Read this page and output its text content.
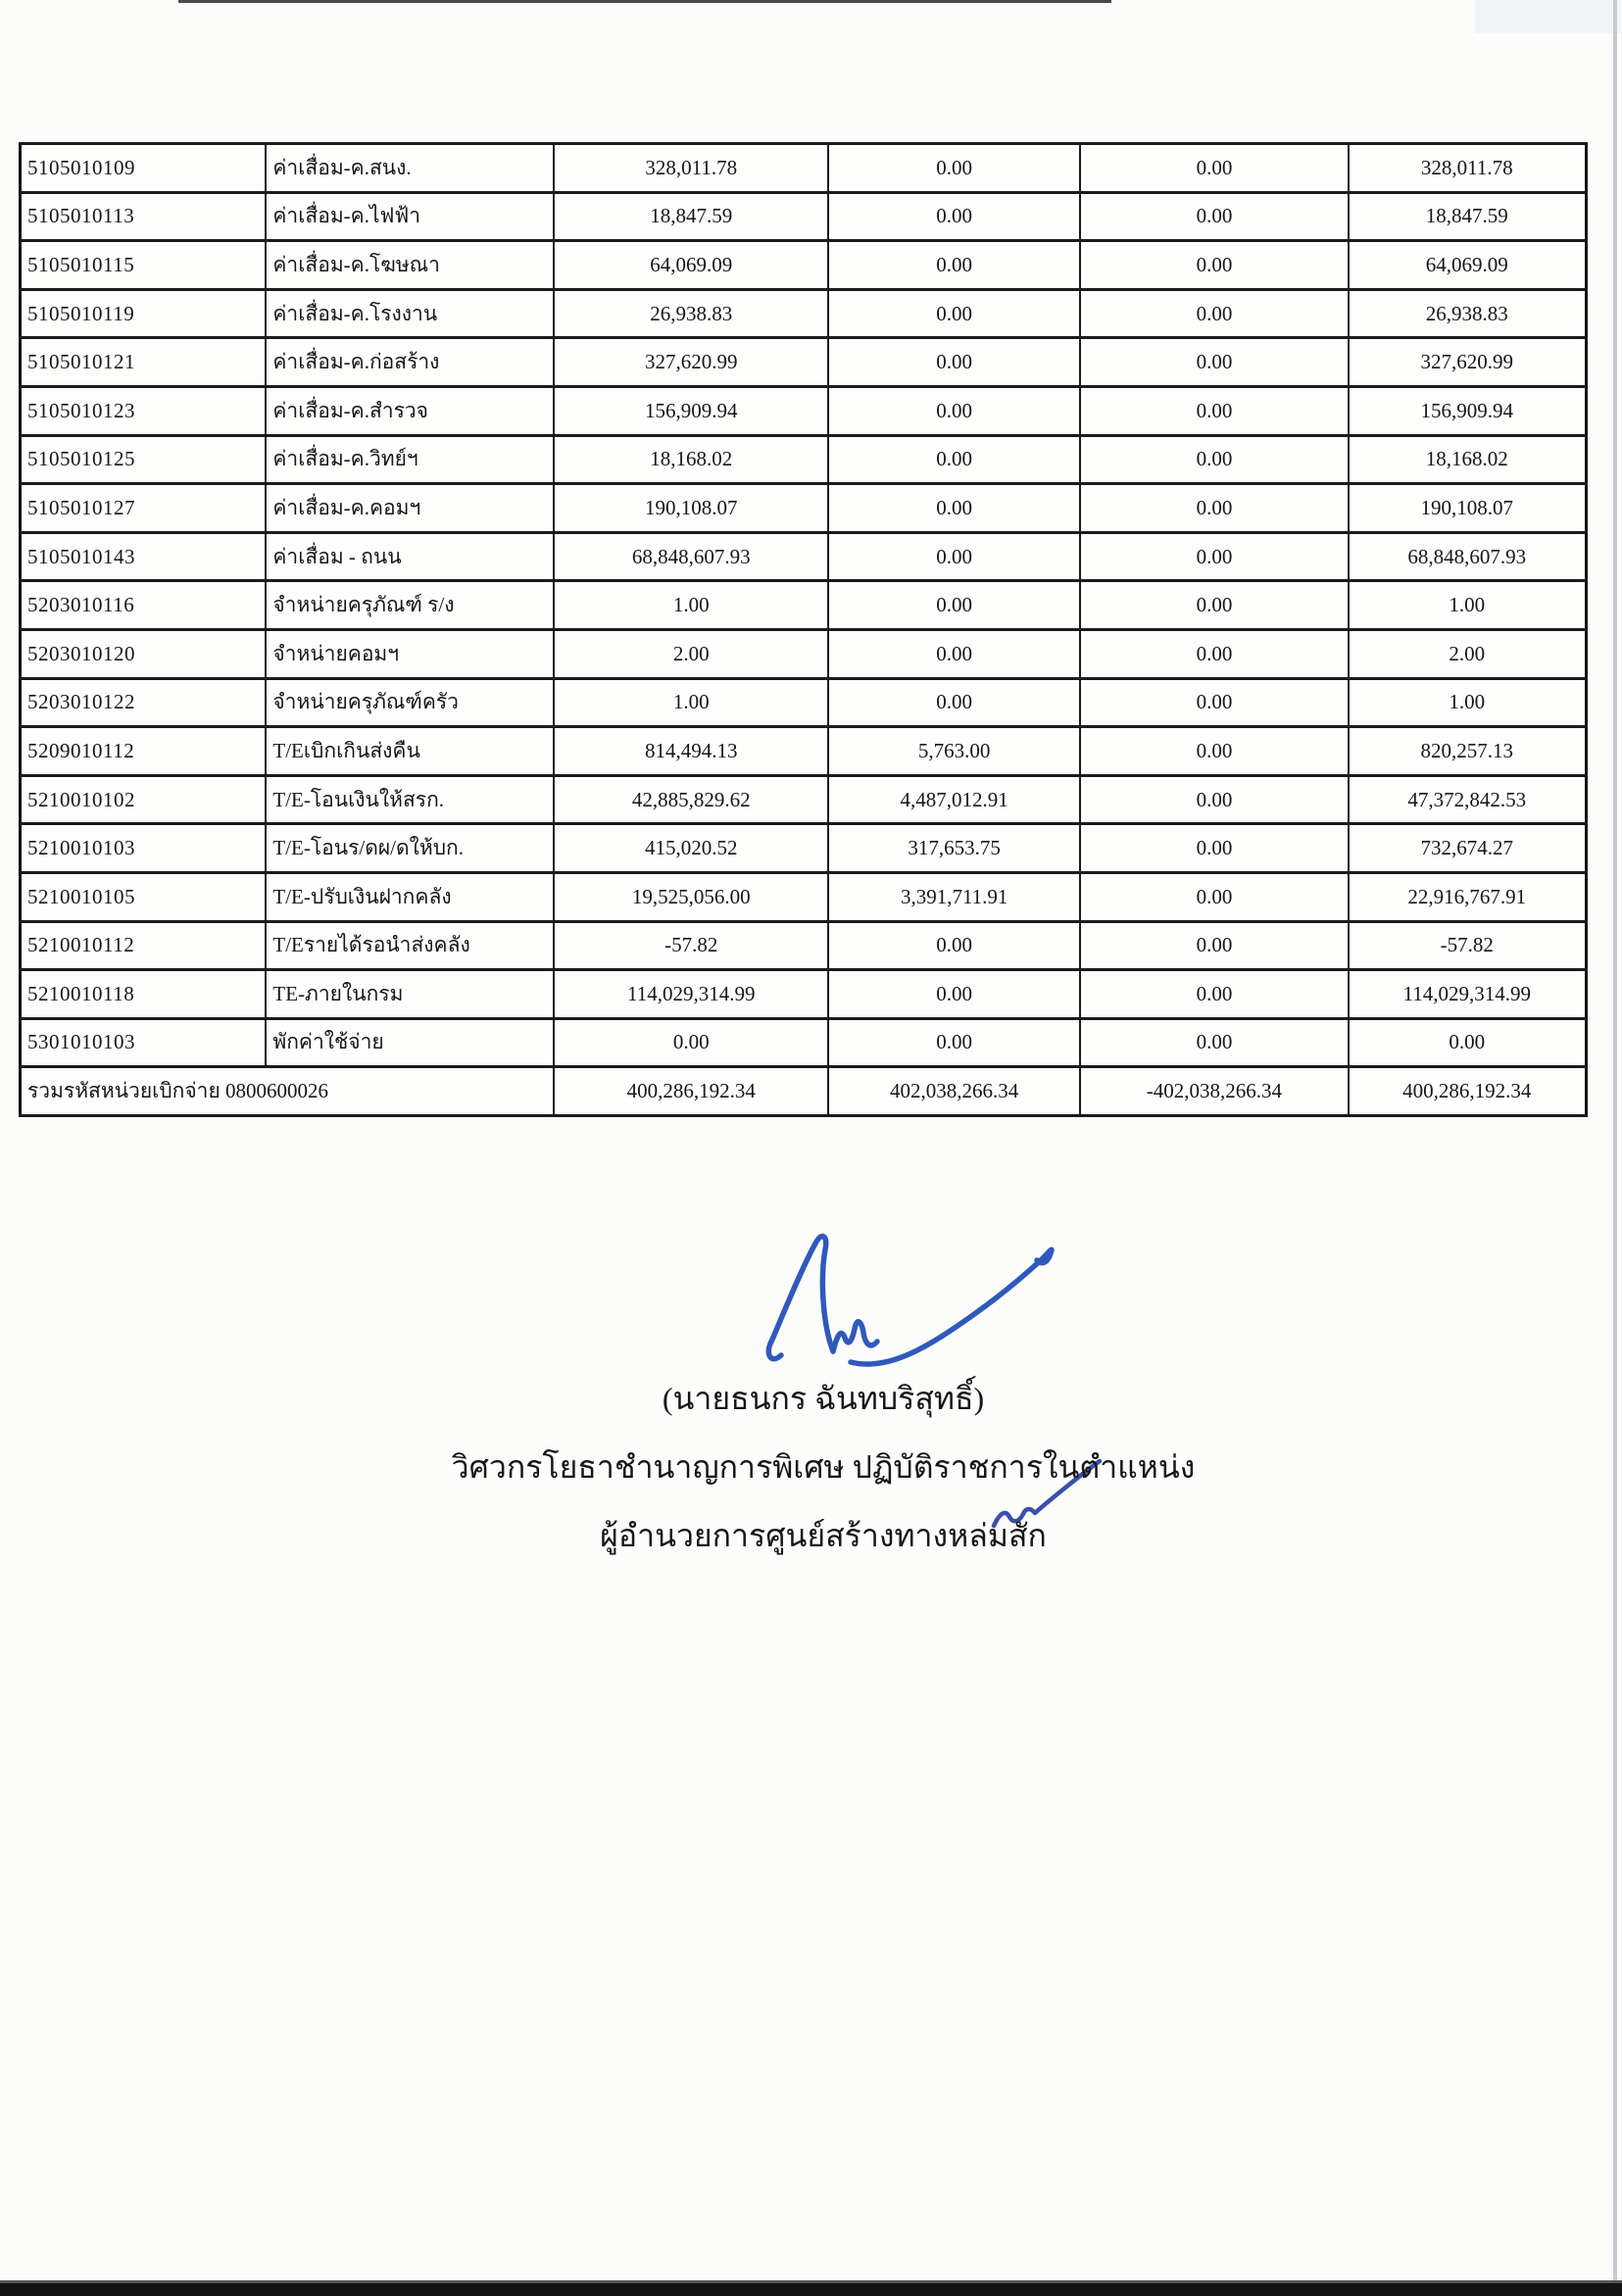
5105010109	ค่าเสื่อม-ค.สนง.	328,011.78	0.00	0.00	328,011.78
5105010113	ค่าเสื่อม-ค.ไฟฟ้า	18,847.59	0.00	0.00	18,847.59
5105010115	ค่าเสื่อม-ค.โฆษณา	64,069.09	0.00	0.00	64,069.09
5105010119	ค่าเสื่อม-ค.โรงงาน	26,938.83	0.00	0.00	26,938.83
5105010121	ค่าเสื่อม-ค.ก่อสร้าง	327,620.99	0.00	0.00	327,620.99
5105010123	ค่าเสื่อม-ค.สำรวจ	156,909.94	0.00	0.00	156,909.94
5105010125	ค่าเสื่อม-ค.วิทย์ฯ	18,168.02	0.00	0.00	18,168.02
5105010127	ค่าเสื่อม-ค.คอมฯ	190,108.07	0.00	0.00	190,108.07
5105010143	ค่าเสื่อม - ถนน	68,848,607.93	0.00	0.00	68,848,607.93
5203010116	จำหน่ายครุภัณฑ์ ร/ง	1.00	0.00	0.00	1.00
5203010120	จำหน่ายคอมฯ	2.00	0.00	0.00	2.00
5203010122	จำหน่ายครุภัณฑ์ครัว	1.00	0.00	0.00	1.00
5209010112	T/Eเบิกเกินส่งคืน	814,494.13	5,763.00	0.00	820,257.13
5210010102	T/E-โอนเงินให้สรก.	42,885,829.62	4,487,012.91	0.00	47,372,842.53
5210010103	T/E-โอนร/ดผ/ดให้บก.	415,020.52	317,653.75	0.00	732,674.27
5210010105	T/E-ปรับเงินฝากคลัง	19,525,056.00	3,391,711.91	0.00	22,916,767.91
5210010112	T/Eรายได้รอนำส่งคลัง	-57.82	0.00	0.00	-57.82
5210010118	TE-ภายในกรม	114,029,314.99	0.00	0.00	114,029,314.99
5301010103	พักค่าใช้จ่าย	0.00	0.00	0.00	0.00
รวมรหัสหน่วยเบิกจ่าย 0800600026		400,286,192.34	402,038,266.34	-402,038,266.34	400,286,192.34
(นายธนกร ฉันทบริสุทธิ์)
วิศวกรโยธาชำนาญการพิเศษ ปฏิบัติราชการในตำแหน่ง
ผู้อำนวยการศูนย์สร้างทางหล่มสัก
